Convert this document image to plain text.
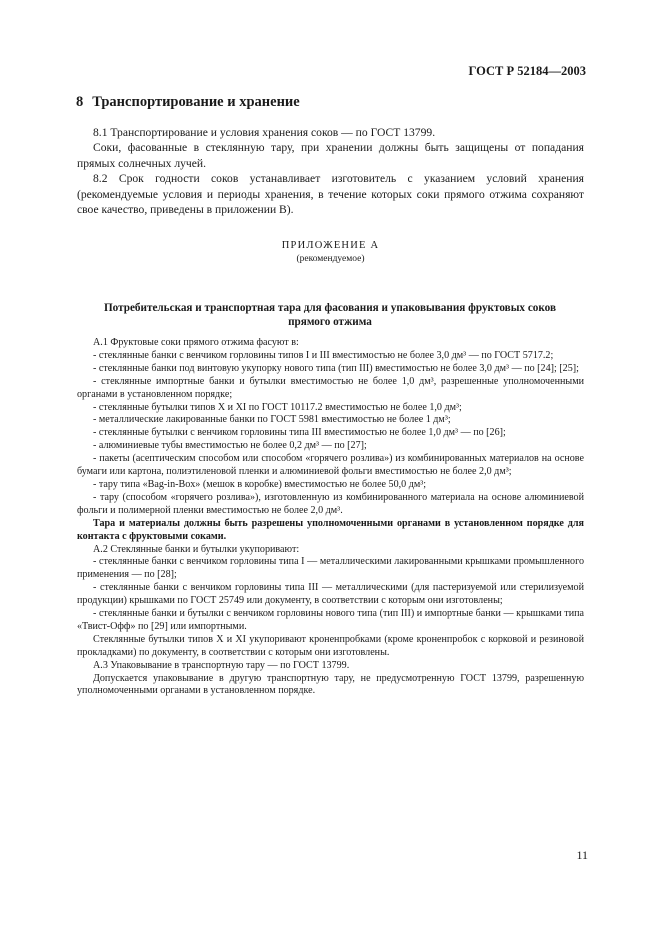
ГОСТ Р 52184—2003
8 Транспортирование и хранение

8.1 Транспортирование и условия хранения соков — по ГОСТ 13799.

Соки, фасованные в стеклянную тару, при хранении должны быть защищены от попадания прямых солнечных лучей.

8.2 Срок годности соков устанавливает изготовитель с указанием условий хранения (рекомендуемые условия и периоды хранения, в течение которых соки прямого отжима сохраняют свое качество, приведены в приложении В).

ПРИЛОЖЕНИЕ А
(рекомендуемое)
Потребительская и транспортная тара для фасования и упаковывания фруктовых соков прямого отжима

А.1 Фруктовые соки прямого отжима фасуют в:

- стеклянные банки с венчиком горловины типов I и III вместимостью не более 3,0 дм³ — по ГОСТ 5717.2;

- стеклянные банки под винтовую укупорку нового типа (тип III) вместимостью не более 3,0 дм³ — по [24]; [25];

- стеклянные импортные банки и бутылки вместимостью не более 1,0 дм³, разрешенные уполномоченными органами в установленном порядке;

- стеклянные бутылки типов Х и ХI по ГОСТ 10117.2 вместимостью не более 1,0 дм³;

- металлические лакированные банки по ГОСТ 5981 вместимостью не более 1 дм³;

- стеклянные бутылки с венчиком горловины типа III вместимостью не более 1,0 дм³ — по [26];

- алюминиевые тубы вместимостью не более 0,2 дм³ — по [27];

- пакеты (асептическим способом или способом «горячего розлива») из комбинированных материалов на основе бумаги или картона, полиэтиленовой пленки и алюминиевой фольги вместимостью не более 2,0 дм³;

- тару типа «Bag-in-Box» (мешок в коробке) вместимостью не более 50,0 дм³;

- тару (способом «горячего розлива»), изготовленную из комбинированного материала на основе алюминиевой фольги и полимерной пленки вместимостью не более 2,0 дм³.

Тара и материалы должны быть разрешены уполномоченными органами в установленном порядке для контакта с фруктовыми соками.

А.2 Стеклянные банки и бутылки укупоривают:

- стеклянные банки с венчиком горловины типа I — металлическими лакированными крышками промышленного применения — по [28];

- стеклянные банки с венчиком горловины типа III — металлическими (для пастеризуемой или стерилизуемой продукции) крышками по ГОСТ 25749 или документу, в соответствии с которым они изготовлены;

- стеклянные банки и бутылки с венчиком горловины нового типа (тип III) и импортные банки — крышками типа «Твист-Офф» по [29] или импортными.

Стеклянные бутылки типов Х и ХI укупоривают кроненпробками (кроме кроненпробок с корковой и резиновой прокладками) по документу, в соответствии с которым они изготовлены.

А.3 Упаковывание в транспортную тару — по ГОСТ 13799.

Допускается упаковывание в другую транспортную тару, не предусмотренную ГОСТ 13799, разрешенную уполномоченными органами в установленном порядке.

11
